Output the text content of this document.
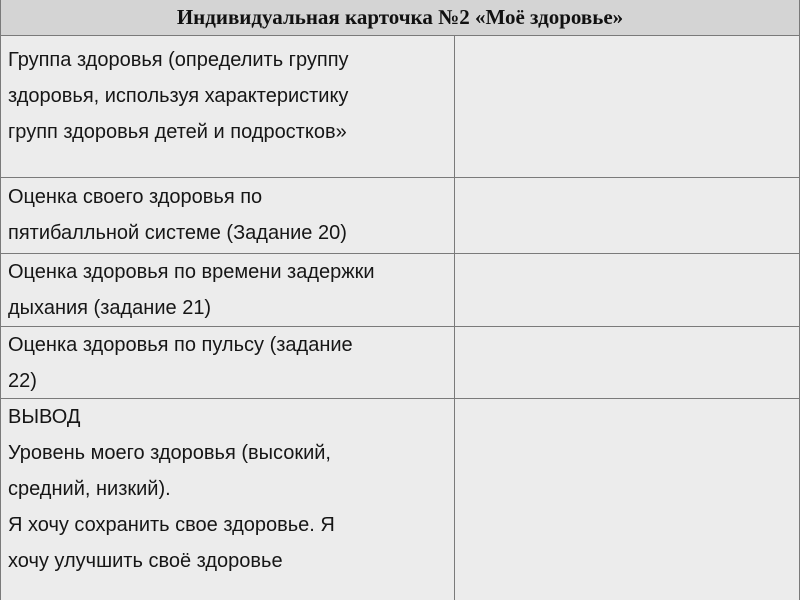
Индивидуальная карточка №2 «Моё здоровье»
Группа здоровья (определить группу
здоровья, используя характеристику
групп здоровья детей и подростков»
Оценка своего здоровья по
пятибалльной системе (Задание 20)
Оценка здоровья по времени задержки
дыхания (задание 21)
Оценка здоровья по пульсу (задание
22)
ВЫВОД
Уровень моего здоровья (высокий,
средний, низкий).
Я хочу сохранить свое здоровье. Я
хочу улучшить своё здоровье
